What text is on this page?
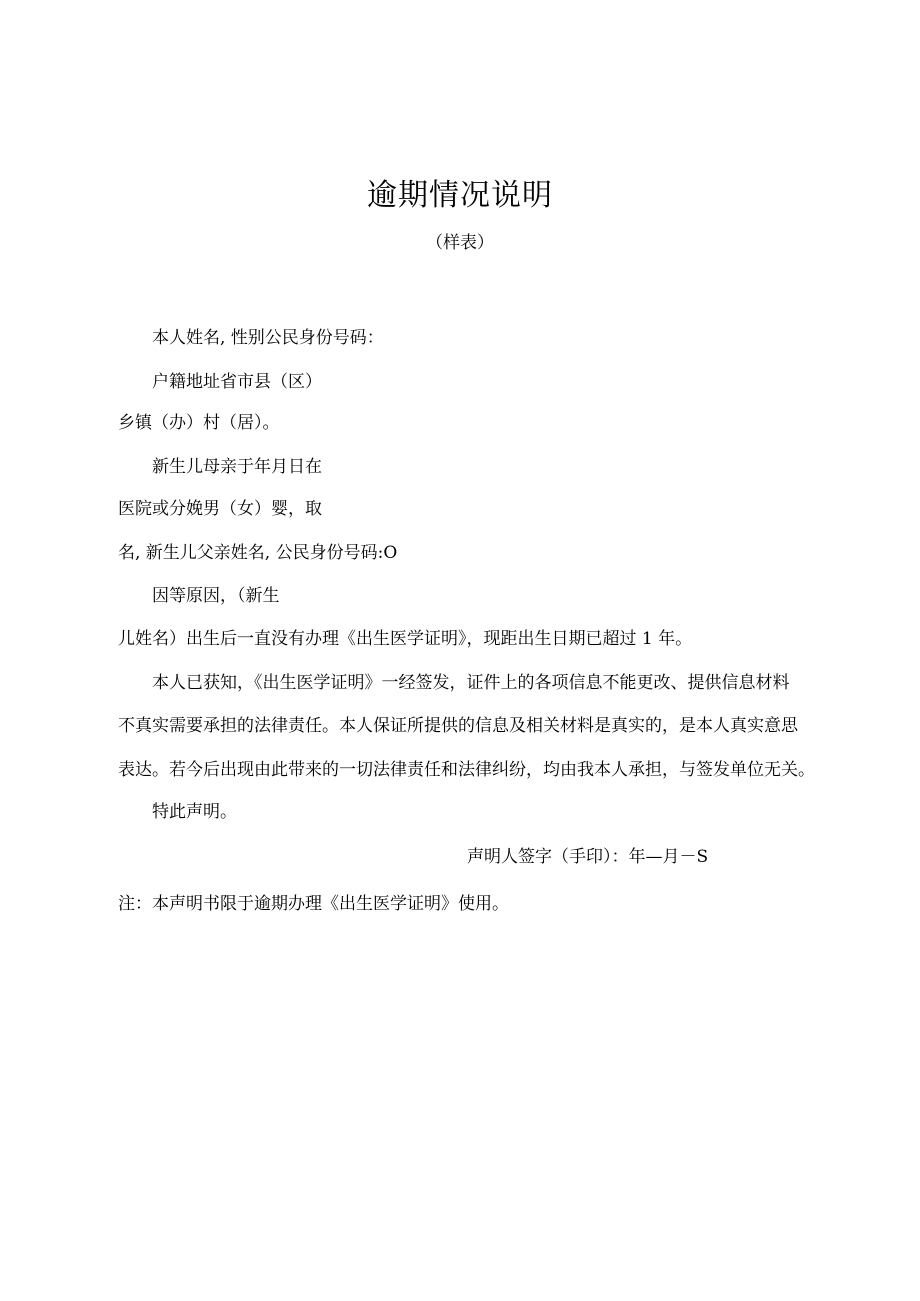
逾期情况说明
（样表）
本人姓名, 性别公民身份号码：
户籍地址省市县（区）
乡镇（办）村（居）。
新生儿母亲于年月日在
医院或分娩男（女）婴，取
名, 新生儿父亲姓名, 公民身份号码:O
因等原因，（新生
儿姓名）出生后一直没有办理《出生医学证明》，现距出生日期已超过 1 年。
本人已获知，《出生医学证明》一经签发，证件上的各项信息不能更改、提供信息材料
不真实需要承担的法律责任。本人保证所提供的信息及相关材料是真实的，是本人真实意思
表达。若今后出现由此带来的一切法律责任和法律纠纷，均由我本人承担，与签发单位无关。
特此声明。
声明人签字（手印）：年—月－S
注：本声明书限于逾期办理《出生医学证明》使用。
